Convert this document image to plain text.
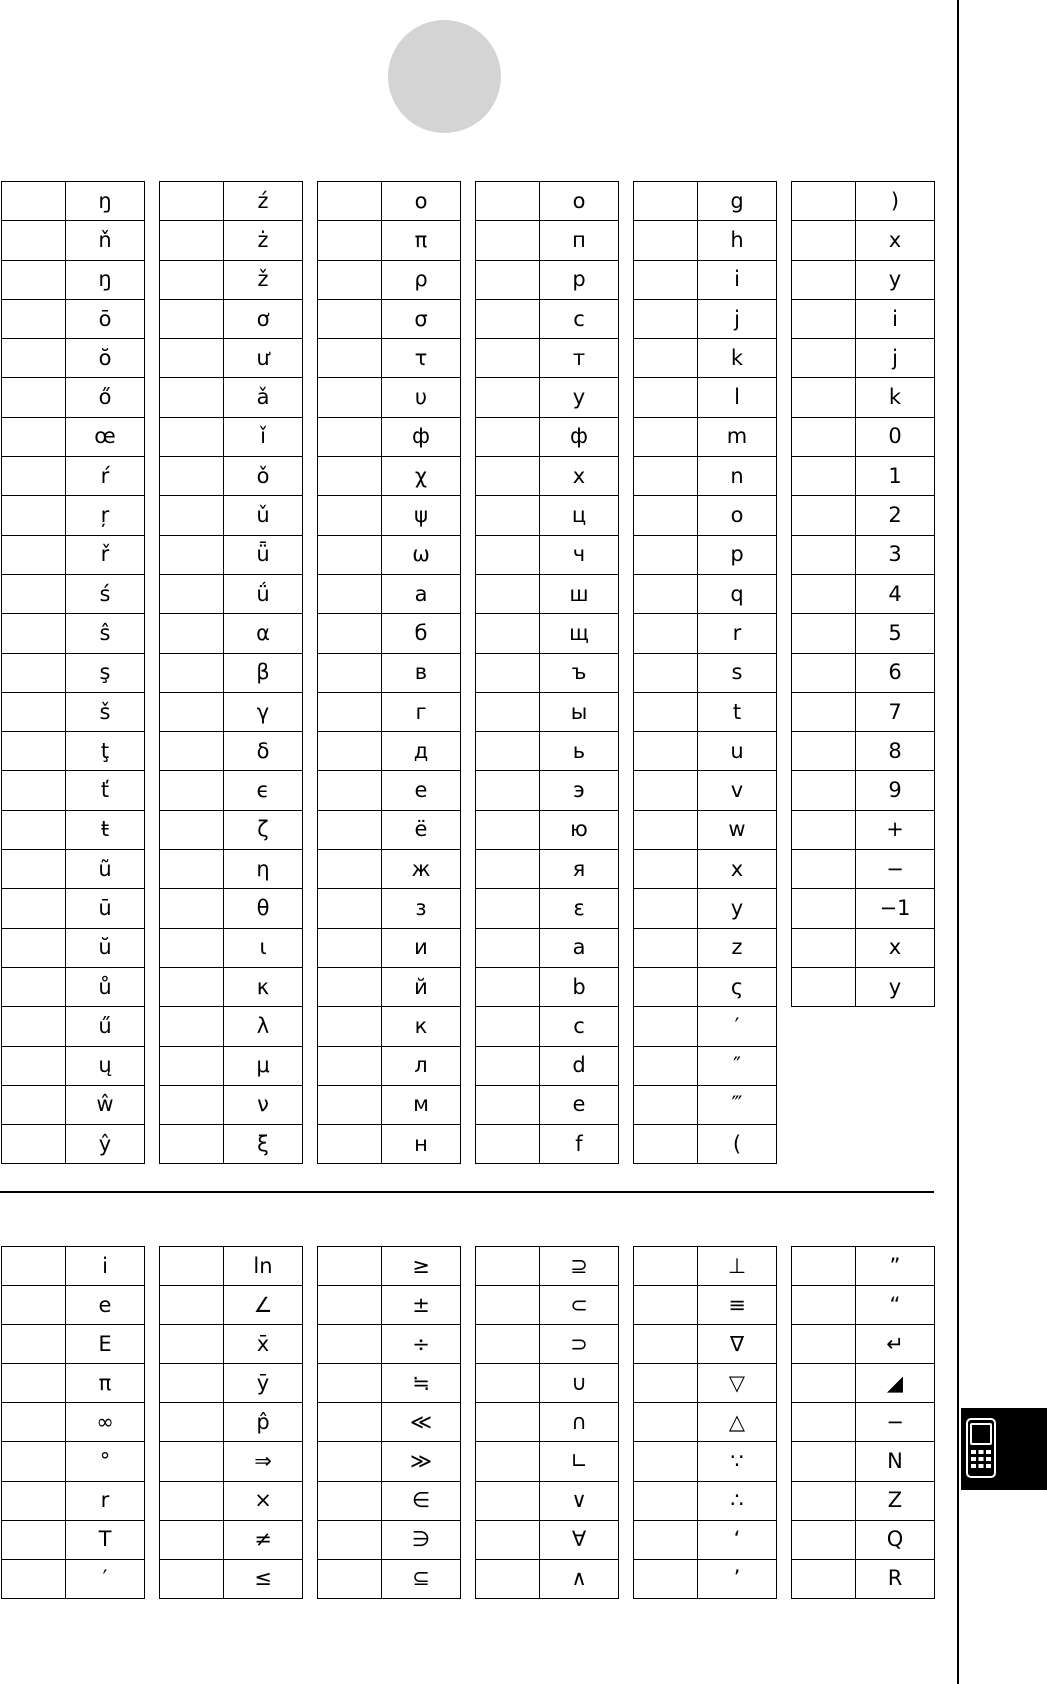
	ŋ
	ň
	ŋ
	ō
	ŏ
	ő
	œ
	ŕ
	ŗ
	ř
	ś
	ŝ
	ş
	š
	ţ
	ť
	ŧ
	ũ
	ū
	ŭ
	ů
	ű
	ų
	ŵ
	ŷ
	ź
	ż
	ž
	ơ
	ư
	ǎ
	ǐ
	ǒ
	ǔ
	ǖ
	ǘ
	α
	β
	γ
	δ
	ϵ
	ζ
	η
	θ
	ι
	κ
	λ
	μ
	ν
	ξ
	ο
	π
	ρ
	σ
	τ
	υ
	ф
	χ
	ψ
	ω
	а
	б
	в
	г
	д
	е
	ё
	ж
	з
	и
	й
	к
	л
	м
	н
	о
	п
	р
	с
	т
	у
	ф
	х
	ц
	ч
	ш
	щ
	ъ
	ы
	ь
	э
	ю
	я
	ε
	a
	b
	c
	d
	e
	f
	g
	h
	i
	j
	k
	l
	m
	n
	o
	p
	q
	r
	s
	t
	u
	v
	w
	x
	y
	z
	ς
	′
	″
	‴
	(
	)
	x
	y
	i
	j
	k
	0
	1
	2
	3
	4
	5
	6
	7
	8
	9
	+
	−
	−1
	x
	y
	i
	e
	E
	π
	∞
	°
	r
	T
	′
	ln
	∠
	x̄
	ȳ
	p̂
	⇒
	×
	≠
	≤
	≥
	±
	÷
	≒
	≪
	≫
	∈
	∋
	⊆
	⊇
	⊂
	⊃
	∪
	∩
	∟
	∨
	∀
	∧
	⊥
	≡
	∇
	▽
	△
	∵
	∴
	‘
	’
	”
	“
	↵
	◢
	−
	N
	Z
	Q
	R
